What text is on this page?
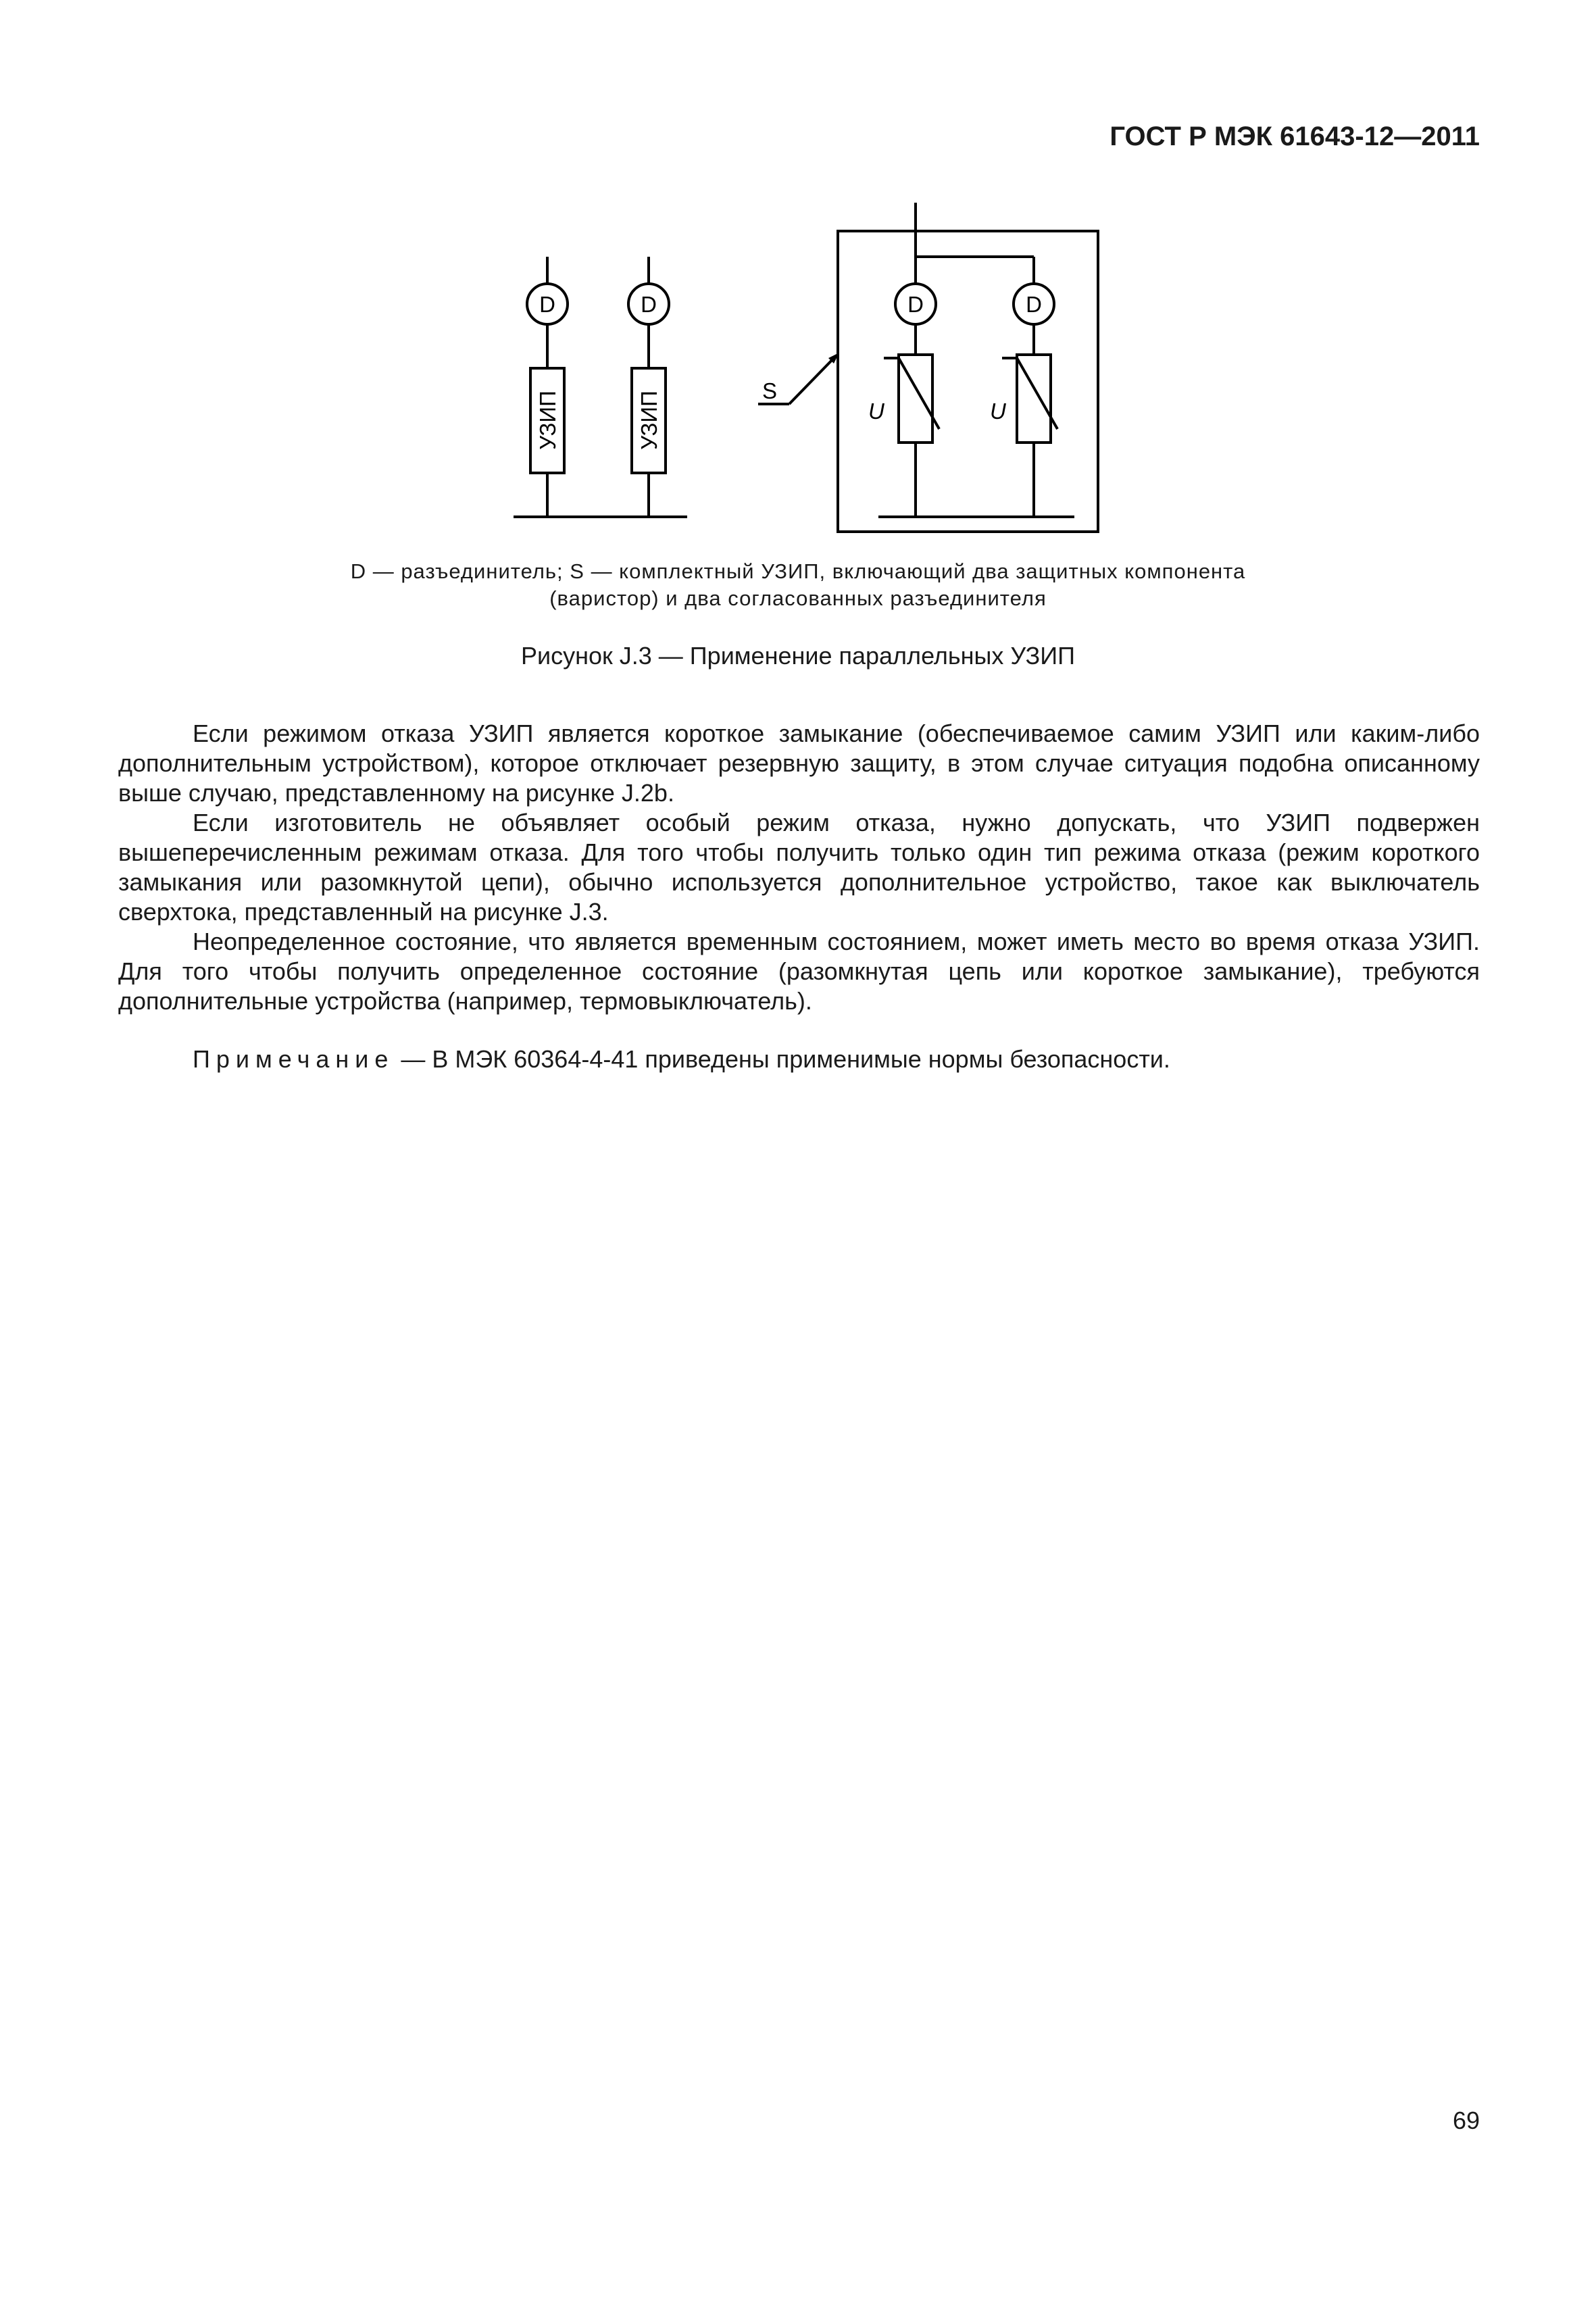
ГОСТ Р МЭК 61643-12—2011
D	D	D	D
УЗИП	УЗИП	S
U	U
D — разъединитель; S — комплектный УЗИП, включающий два защитных компонента
(варистор) и два согласованных разъединителя
Рисунок J.3 — Применение параллельных УЗИП

Если режимом отказа УЗИП является короткое замыкание (обеспечиваемое самим УЗИП или каким-либо дополнительным устройством), которое отключает резервную защиту, в этом случае ситуация подобна описанному выше случаю, представленному на рисунке J.2b.

Если изготовитель не объявляет особый режим отказа, нужно допускать, что УЗИП подвержен вышеперечисленным режимам отказа. Для того чтобы получить только один тип режима отказа (режим короткого замыкания или разомкнутой цепи), обычно используется дополнительное устройство, такое как выключатель сверхтока, представленный на рисунке J.3.

Неопределенное состояние, что является временным состоянием, может иметь место во время отказа УЗИП. Для того чтобы получить определенное состояние (разомкнутая цепь или короткое замыкание), требуются дополнительные устройства (например, термовыключатель).

Примечание — В МЭК 60364-4-41 приведены применимые нормы безопасности.
69
